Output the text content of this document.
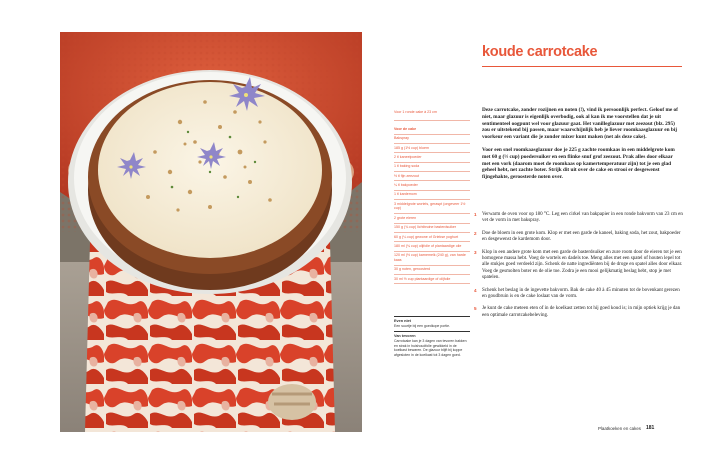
koude carrotcake
Voor 1 ronde cake à 23 cm
Voor de cake
Bakspray
185 g (1½ cup) bloem
2 tl kaneelpoeder
1 tl baking soda
½ tl fijn zeezout
¼ tl bakpoeder
1 tl kardemom
3 middelgrote wortels, geraspt (ongeveer 1½ cup)
2 grote eieren
150 g (¾ cup) lichtbruine basterdsuiker
60 g (¼ cup) gewone of Griekse yoghurt
180 ml (¾ cup) olijfolie of plantaardige olie
120 ml (½ cup) karnemelk (240 g), van harde kaas
30 g noten, geroosterd
30 ml ½ cup plantaardige of olijfolie
Even niet
Een suurtje bij een goedkope portie.
Van tevoren
Carrotcake kan je 3 dagen van tevoren bakken en strak in huishoudfolie gewikkeld in de koelkast bewaren. De glazuur blijft bij koppe afgesloten in de koelkast tot 3 dagen goed.

Deze carrotcake, zonder rozijnen en noten (!), vind ik persoonlijk perfect. Geloof me of niet, maar glazuur is eigenlijk overbodig, ook al kan ik me voorstellen dat je uit sentimenteel oogpunt wel voor glazuur gaat. Het vanilleglazuur met zeezout (blz. 295) zou er uitstekend bij passen, maar waarschijnlijk heb je liever roomkaasglazuur en bij voorkeur een variant die je zonder mixer kunt maken (net als deze cake).

Voor een snel roomkaasglazuur doe je 225 g zachte roomkaas in een middelgrote kom met 60 g (½ cup) poedersuiker en een flinke snuf grof zeezout. Prak alles door elkaar met een vork (daarom moet de roomkaas op kamertemperatuur zijn) tot je een glad geheel hebt, net zachte boter. Strijk dit uit over de cake en strooi er desgewenst fijngehakte, geroosterde noten over.

1	Verwarm de oven voor op 180 °C. Leg een cirkel van bakpapier in een ronde bakvorm van 23 cm en vet de vorm in met bakspray.
2	Doe de bloem in een grote kom. Klop er met een garde de kaneel, baking soda, het zout, bakpoeder en desgewenst de kardemom door.
3	Klop in een andere grote kom met een garde de basterdsuiker en zure room door de eieren tot je een homogene massa hebt. Voeg de wortels en dadels toe. Meng alles met een spatel of houten lepel tot alle stukjes goed verdeeld zijn. Schenk de natte ingrediënten bij de droge en spatel alles door elkaar. Voeg de gesmolten boter en de olie toe. Zodra je een mooi gelijkmatig beslag hebt, stop je met spatelen.
4	Schenk het beslag in de ingevette bakvorm. Bak de cake 40 à 45 minuten tot de bovenkant gerezen en goudbruin is en de cake loslaat van de vorm.
5	Je kunt de cake meteen eten of in de koelkast zetten tot hij goed koud is; in mijn optiek krijg je dan een optimale carrotcakebeleving.
Plaatkoeken en cakes 181
